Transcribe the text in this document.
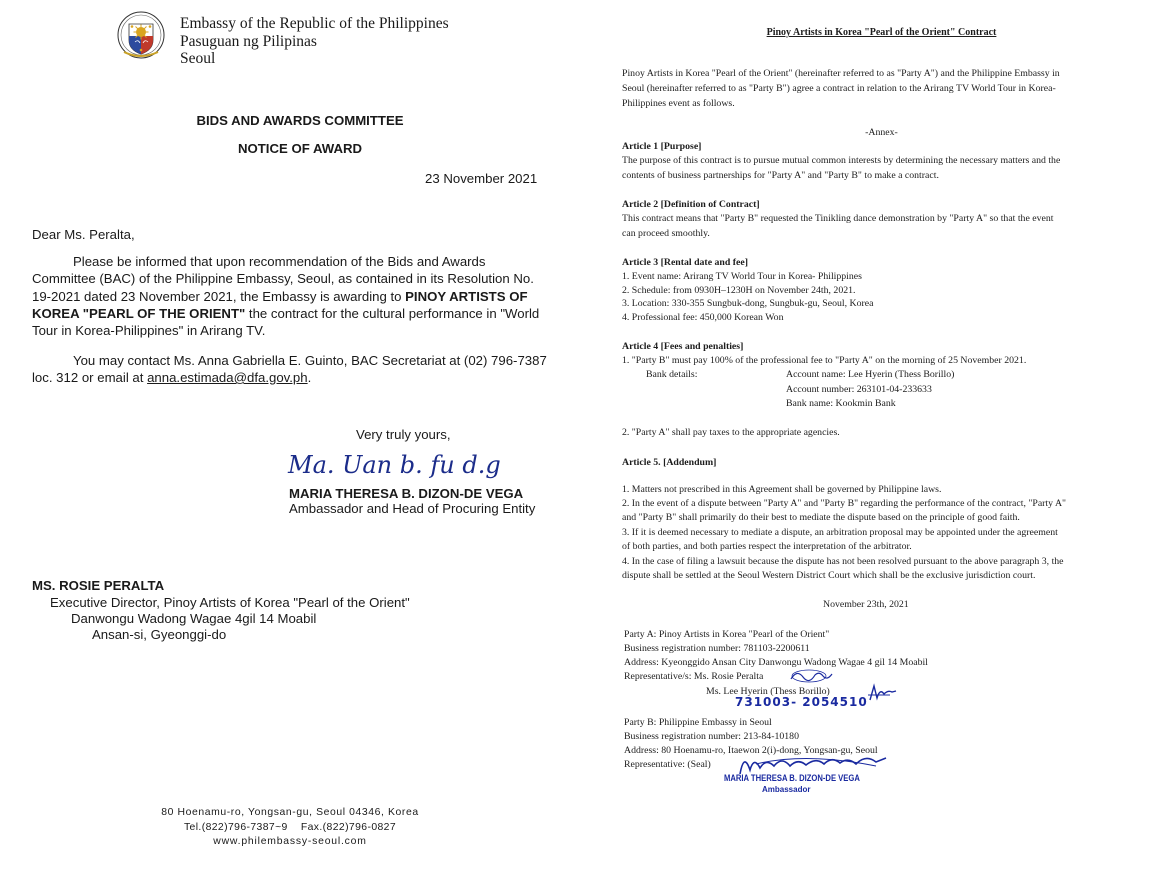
Embassy of the Republic of the Philippines

Pasuguan ng Pilipinas

Seoul

BIDS AND AWARDS COMMITTEE

NOTICE OF AWARD

23 November 2021

Dear Ms. Peralta,

Please be informed that upon recommendation of the Bids and Awards

Committee (BAC) of the Philippine Embassy, Seoul, as contained in its Resolution No.

19-2021 dated 23 November 2021, the Embassy is awarding to PINOY ARTISTS OF

KOREA "PEARL OF THE ORIENT" the contract for the cultural performance in "World

Tour in Korea-Philippines" in Arirang TV.

You may contact Ms. Anna Gabriella E. Guinto, BAC Secretariat at (02) 796-7387

loc. 312 or email at anna.estimada@dfa.gov.ph.

Very truly yours,

Ma. Uan b. fu d.g

MARIA THERESA B. DIZON-DE VEGA

Ambassador and Head of Procuring Entity

MS. ROSIE PERALTA

Executive Director, Pinoy Artists of Korea "Pearl of the Orient"

Danwongu Wadong Wagae 4gil 14 Moabil

Ansan-si, Gyeonggi-do

80 Hoenamu-ro, Yongsan-gu, Seoul 04346, Korea

Tel.(822)796-7387~9    Fax.(822)796-0827

www.philembassy-seoul.com

Pinoy Artists in Korea "Pearl of the Orient" Contract

Pinoy Artists in Korea "Pearl of the Orient" (hereinafter referred to as "Party A") and the Philippine Embassy in

Seoul (hereinafter referred to as "Party B") agree a contract in relation to the Arirang TV World Tour in Korea-

Philippines event as follows.

-Annex-

Article 1 [Purpose]

The purpose of this contract is to pursue mutual common interests by determining the necessary matters and the

contents of business partnerships for "Party A" and "Party B" to make a contract.

Article 2 [Definition of Contract]

This contract means that "Party B" requested the Tinikling dance demonstration by "Party A" so that the event

can proceed smoothly.

Article 3 [Rental date and fee]

1. Event name: Arirang TV World Tour in Korea- Philippines

2. Schedule: from 0930H–1230H on November 24th, 2021.

3. Location: 330-355 Sungbuk-dong, Sungbuk-gu, Seoul, Korea

4. Professional fee: 450,000 Korean Won

Article 4 [Fees and penalties]

1. "Party B" must pay 100% of the professional fee to "Party A" on the morning of 25 November 2021.

Bank details:	Account name: Lee Hyerin (Thess Borillo)

Account number: 263101-04-233633

Bank name: Kookmin Bank

2. "Party A" shall pay taxes to the appropriate agencies.

Article 5. [Addendum]

1. Matters not prescribed in this Agreement shall be governed by Philippine laws.

2. In the event of a dispute between "Party A" and "Party B" regarding the performance of the contract, "Party A"

and "Party B" shall primarily do their best to mediate the dispute based on the principle of good faith.

3. If it is deemed necessary to mediate a dispute, an arbitration proposal may be appointed under the agreement

of both parties, and both parties respect the interpretation of the arbitrator.

4. In the case of filing a lawsuit because the dispute has not been resolved pursuant to the above paragraph 3, the

dispute shall be settled at the Seoul Western District Court which shall be the exclusive jurisdiction court.

November 23th, 2021

Party A: Pinoy Artists in Korea "Pearl of the Orient"

Business registration number: 781103-2200611

Address: Kyeonggido Ansan City Danwongu Wadong Wagae 4 gil 14 Moabil

Representative/s: Ms. Rosie Peralta

Ms. Lee Hyerin (Thess Borillo)

731003- 2054510

Party B: Philippine Embassy in Seoul

Business registration number: 213-84-10180

Address: 80 Hoenamu-ro, Itaewon 2(i)-dong, Yongsan-gu, Seoul

Representative: (Seal)

MARIA THERESA B. DIZON-DE VEGA

Ambassador
